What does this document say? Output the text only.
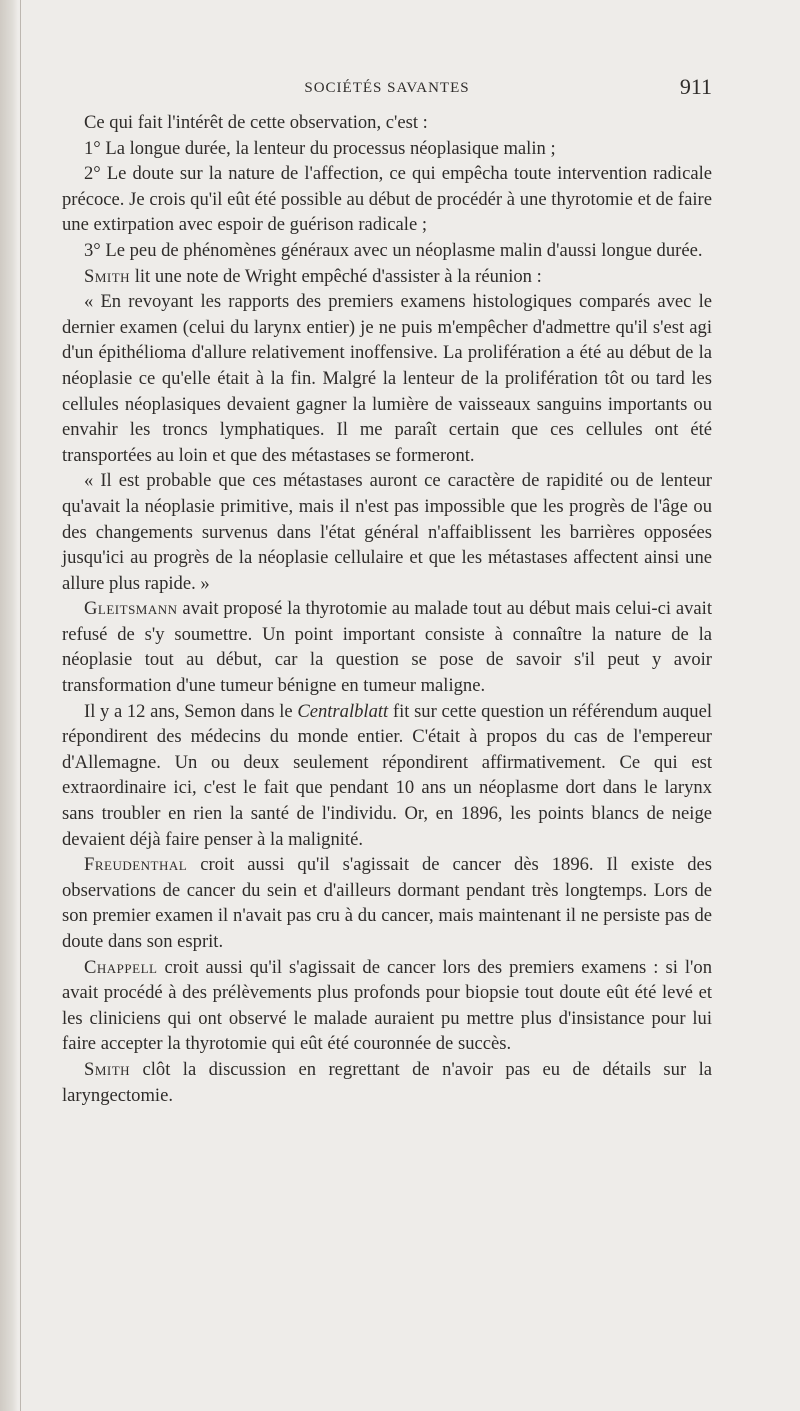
SOCIÉTÉS SAVANTES	911

Ce qui fait l'intérêt de cette observation, c'est :

1° La longue durée, la lenteur du processus néoplasique malin ;

2° Le doute sur la nature de l'affection, ce qui empêcha toute intervention radicale précoce. Je crois qu'il eût été possible au début de procédér à une thyrotomie et de faire une extirpation avec espoir de guérison radicale ;

3° Le peu de phénomènes généraux avec un néoplasme malin d'aussi longue durée.

Smith lit une note de Wright empêché d'assister à la réunion :

« En revoyant les rapports des premiers examens histologiques comparés avec le dernier examen (celui du larynx entier) je ne puis m'empêcher d'admettre qu'il s'est agi d'un épithélioma d'allure relativement inoffensive. La prolifération a été au début de la néoplasie ce qu'elle était à la fin. Malgré la lenteur de la prolifération tôt ou tard les cellules néoplasiques devaient gagner la lumière de vaisseaux sanguins importants ou envahir les troncs lymphatiques. Il me paraît certain que ces cellules ont été transportées au loin et que des métastases se formeront.

« Il est probable que ces métastases auront ce caractère de rapidité ou de lenteur qu'avait la néoplasie primitive, mais il n'est pas impossible que les progrès de l'âge ou des changements survenus dans l'état général n'affaiblissent les barrières opposées jusqu'ici au progrès de la néoplasie cellulaire et que les métastases affectent ainsi une allure plus rapide. »

Gleitsmann avait proposé la thyrotomie au malade tout au début mais celui-ci avait refusé de s'y soumettre. Un point important consiste à connaître la nature de la néoplasie tout au début, car la question se pose de savoir s'il peut y avoir transformation d'une tumeur bénigne en tumeur maligne.

Il y a 12 ans, Semon dans le Centralblatt fit sur cette question un référendum auquel répondirent des médecins du monde entier. C'était à propos du cas de l'empereur d'Allemagne. Un ou deux seulement répondirent affirmativement. Ce qui est extraordinaire ici, c'est le fait que pendant 10 ans un néoplasme dort dans le larynx sans troubler en rien la santé de l'individu. Or, en 1896, les points blancs de neige devaient déjà faire penser à la malignité.

Freudenthal croit aussi qu'il s'agissait de cancer dès 1896. Il existe des observations de cancer du sein et d'ailleurs dormant pendant très longtemps. Lors de son premier examen il n'avait pas cru à du cancer, mais maintenant il ne persiste pas de doute dans son esprit.

Chappell croit aussi qu'il s'agissait de cancer lors des premiers examens : si l'on avait procédé à des prélèvements plus profonds pour biopsie tout doute eût été levé et les cliniciens qui ont observé le malade auraient pu mettre plus d'insistance pour lui faire accepter la thyrotomie qui eût été couronnée de succès.

Smith clôt la discussion en regrettant de n'avoir pas eu de détails sur la laryngectomie.
